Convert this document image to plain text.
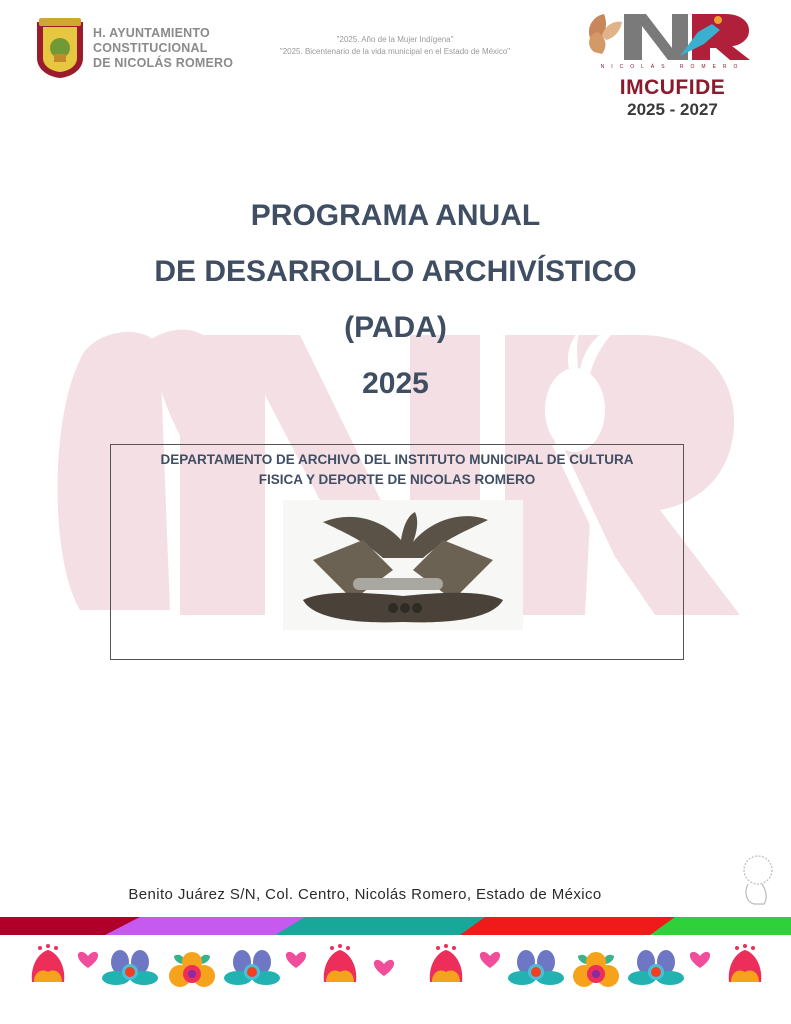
H. AYUNTAMIENTO
CONSTITUCIONAL
DE NICOLÁS ROMERO
"2025. Año de la Mujer Indígena"
"2025. Bicentenario de la vida municipal en el Estado de México"
NICOLÁS ROMERO
IMCUFIDE
2025 - 2027
PROGRAMA ANUAL
DE DESARROLLO ARCHIVÍSTICO
(PADA)
2025
DEPARTAMENTO DE ARCHIVO DEL INSTITUTO MUNICIPAL DE CULTURA
FISICA Y DEPORTE DE NICOLAS ROMERO
Benito Juárez S/N, Col. Centro, Nicolás Romero, Estado de México
